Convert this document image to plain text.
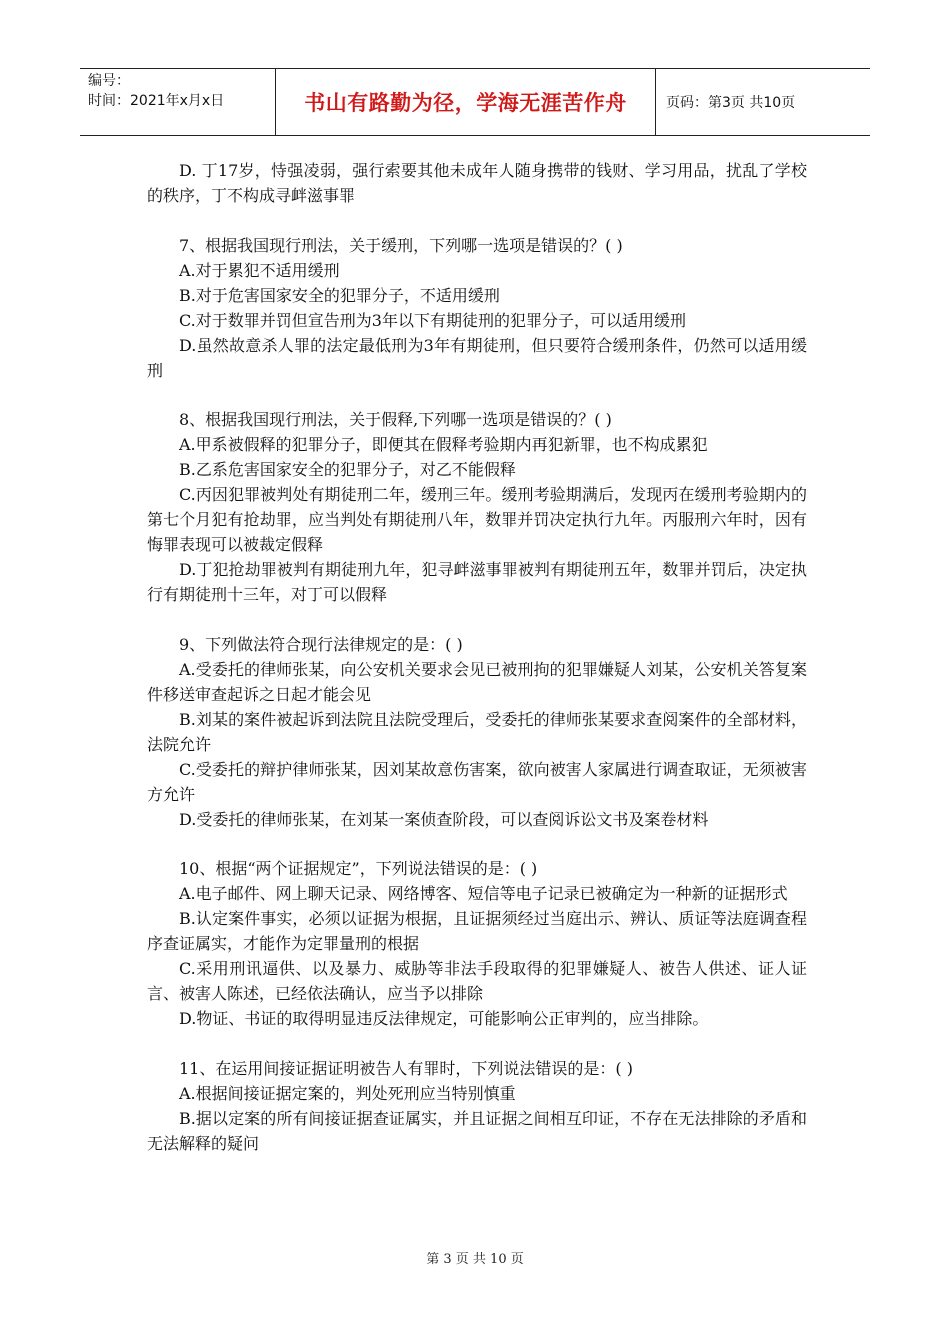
编号：
时间：2021年x月x日	书山有路勤为径，学海无涯苦作舟	页码：第3页 共10页
D. 丁17岁，恃强凌弱，强行索要其他未成年人随身携带的钱财、学习用品，扰乱了学校的秩序，丁不构成寻衅滋事罪
7、根据我国现行刑法，关于缓刑，下列哪一选项是错误的？( )
A.对于累犯不适用缓刑
B.对于危害国家安全的犯罪分子，不适用缓刑
C.对于数罪并罚但宣告刑为3年以下有期徒刑的犯罪分子，可以适用缓刑
D.虽然故意杀人罪的法定最低刑为3年有期徒刑，但只要符合缓刑条件，仍然可以适用缓刑
8、根据我国现行刑法，关于假释,下列哪一选项是错误的？( )
A.甲系被假释的犯罪分子，即便其在假释考验期内再犯新罪，也不构成累犯
B.乙系危害国家安全的犯罪分子，对乙不能假释
C.丙因犯罪被判处有期徒刑二年，缓刑三年。缓刑考验期满后，发现丙在缓刑考验期内的第七个月犯有抢劫罪，应当判处有期徒刑八年，数罪并罚决定执行九年。丙服刑六年时，因有悔罪表现可以被裁定假释
D.丁犯抢劫罪被判有期徒刑九年，犯寻衅滋事罪被判有期徒刑五年，数罪并罚后，决定执行有期徒刑十三年，对丁可以假释
9、下列做法符合现行法律规定的是：( )
A.受委托的律师张某，向公安机关要求会见已被刑拘的犯罪嫌疑人刘某，公安机关答复案件移送审查起诉之日起才能会见
B.刘某的案件被起诉到法院且法院受理后，受委托的律师张某要求查阅案件的全部材料，法院允许
C.受委托的辩护律师张某，因刘某故意伤害案，欲向被害人家属进行调查取证，无须被害方允许
D.受委托的律师张某，在刘某一案侦查阶段，可以查阅诉讼文书及案卷材料
10、根据“两个证据规定”，下列说法错误的是：( )
A.电子邮件、网上聊天记录、网络博客、短信等电子记录已被确定为一种新的证据形式
B.认定案件事实，必须以证据为根据，且证据须经过当庭出示、辨认、质证等法庭调查程序查证属实，才能作为定罪量刑的根据
C.采用刑讯逼供、以及暴力、威胁等非法手段取得的犯罪嫌疑人、被告人供述、证人证言、被害人陈述，已经依法确认，应当予以排除
D.物证、书证的取得明显违反法律规定，可能影响公正审判的，应当排除。
11、在运用间接证据证明被告人有罪时，下列说法错误的是：( )
A.根据间接证据定案的，判处死刑应当特别慎重
B.据以定案的所有间接证据查证属实，并且证据之间相互印证，不存在无法排除的矛盾和无法解释的疑问
第 3 页 共 10 页
